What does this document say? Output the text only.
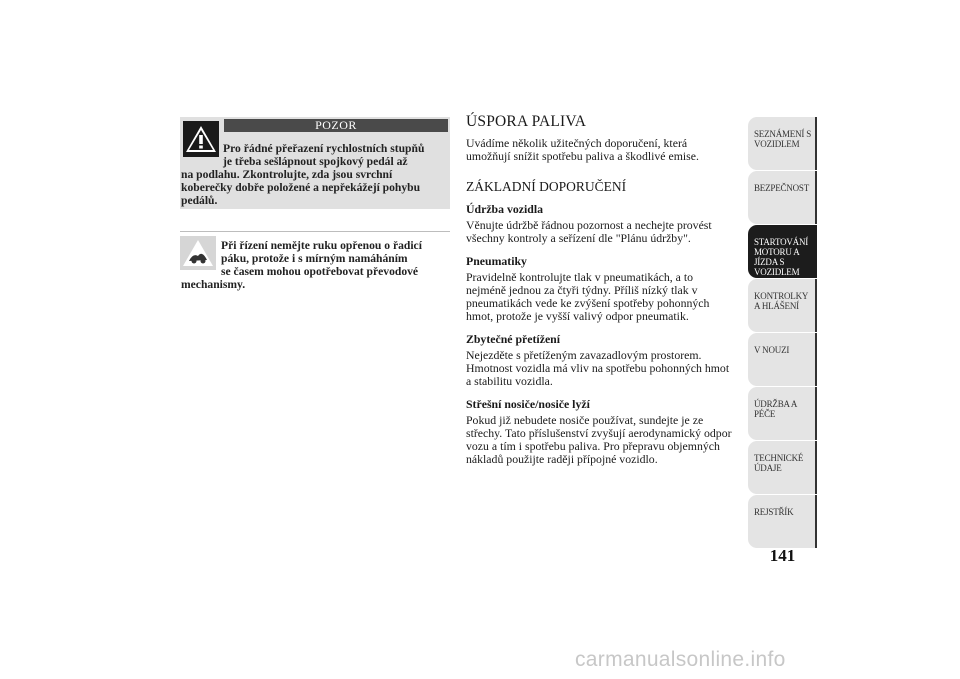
POZOR

Pro řádné přeřazení rychlostních stupňů
je třeba sešlápnout spojkový pedál až
na podlahu. Zkontrolujte, zda jsou svrchní
koberečky dobře položené a nepřekážejí pohybu
pedálů.

Při řízení nemějte ruku opřenou o řadicí
páku, protože i s mírným namáháním
se časem mohou opotřebovat převodové
mechanismy.

ÚSPORA PALIVA

Uvádíme několik užitečných doporučení, která umožňují snížit spotřebu paliva a škodlivé emise.

ZÁKLADNÍ DOPORUČENÍ
Údržba vozidla

Věnujte údržbě řádnou pozornost a nechejte provést všechny kontroly a seřízení dle "Plánu údržby".

Pneumatiky

Pravidelně kontrolujte tlak v pneumatikách, a to nejméně jednou za čtyři týdny. Příliš nízký tlak v pneumatikách vede ke zvýšení spotřeby pohonných hmot, protože je vyšší valivý odpor pneumatik.

Zbytečné přetížení

Nejezděte s přetíženým zavazadlovým prostorem. Hmotnost vozidla má vliv na spotřebu pohonných hmot a stabilitu vozidla.

Střešní nosiče/nosiče lyží

Pokud již nebudete nosiče používat, sundejte je ze střechy. Tato příslušenství zvyšují aerodynamický odpor vozu a tím i spotřebu paliva. Pro přepravu objemných nákladů použijte raději přípojné vozidlo.

SEZNÁMENÍ S VOZIDLEM
BEZPEČNOST
STARTOVÁNÍ MOTORU A JÍZDA S VOZIDLEM
KONTROLKY A HLÁŠENÍ
V NOUZI
ÚDRŽBA A PÉČE
TECHNICKÉ ÚDAJE
REJSTŘÍK
141
carmanualsonline.info
